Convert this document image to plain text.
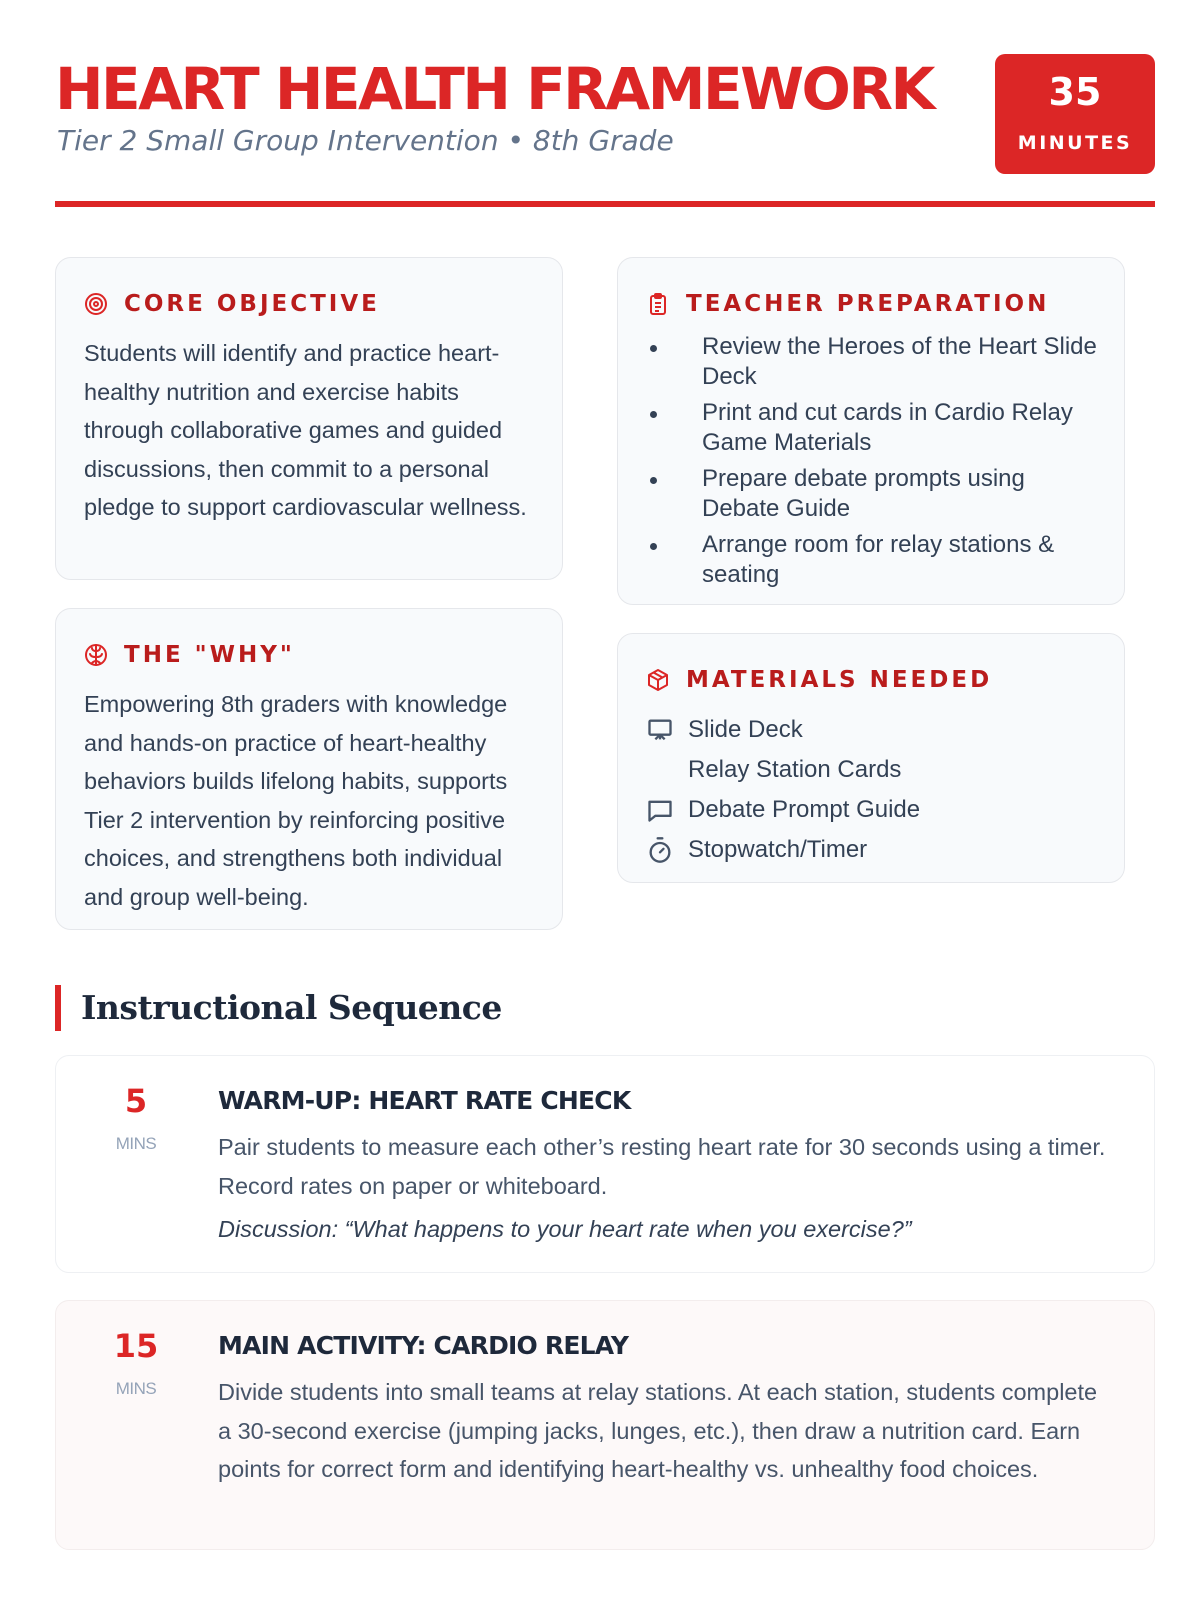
HEART HEALTH FRAMEWORK
Tier 2 Small Group Intervention • 8th Grade
35
MINUTES
CORE OBJECTIVE
Students will identify and practice heart-healthy nutrition and exercise habits through collaborative games and guided discussions, then commit to a personal pledge to support cardiovascular wellness.
THE "WHY"
Empowering 8th graders with knowledge and hands-on practice of heart-healthy behaviors builds lifelong habits, supports Tier 2 intervention by reinforcing positive choices, and strengthens both individual and group well-being.
TEACHER PREPARATION
Review the Heroes of the Heart Slide Deck
Print and cut cards in Cardio Relay Game Materials
Prepare debate prompts using Debate Guide
Arrange room for relay stations & seating
MATERIALS NEEDED
Slide Deck
Relay Station Cards
Debate Prompt Guide
Stopwatch/Timer
Instructional Sequence
5
MINS
WARM-UP: HEART RATE CHECK
Pair students to measure each other’s resting heart rate for 30 seconds using a timer. Record rates on paper or whiteboard.
Discussion: “What happens to your heart rate when you exercise?”
15
MINS
MAIN ACTIVITY: CARDIO RELAY
Divide students into small teams at relay stations. At each station, students complete a 30-second exercise (jumping jacks, lunges, etc.), then draw a nutrition card. Earn points for correct form and identifying heart-healthy vs. unhealthy food choices.
